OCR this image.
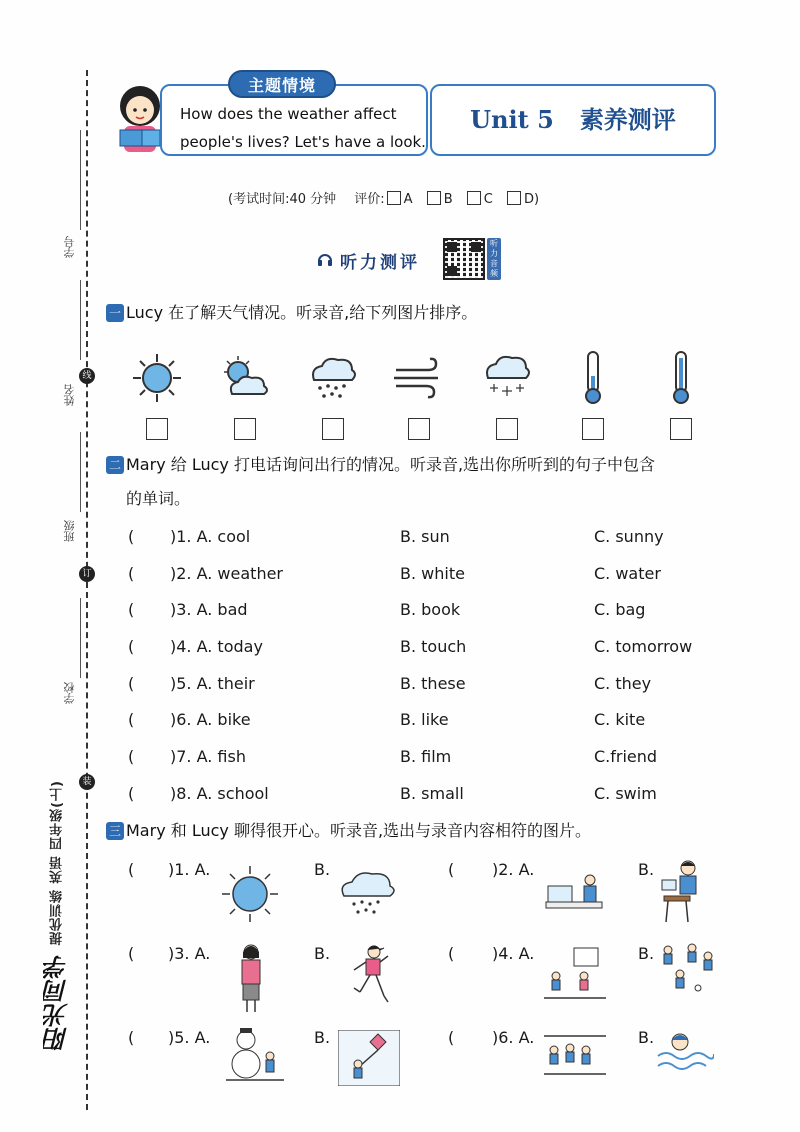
学号
姓名
线
班级
订
学校
装
提优训练 英语 四年级(上)
阳光同学
主题情境
How does the weather affect
people's lives? Let's have a look.
Unit 5 素养测评
(考试时间:40 分钟 评价: A B C D)
听力测评
听力音频
一 Lucy 在了解天气情况。听录音,给下列图片排序。
二 Mary 给 Lucy 打电话询问出行的情况。听录音,选出你所听到的句子中包含
的单词。
( )1. A. cool	B. sun	C. sunny
( )2. A. weather	B. white	C. water
( )3. A. bad	B. book	C. bag
( )4. A. today	B. touch	C. tomorrow
( )5. A. their	B. these	C. they
( )6. A. bike	B. like	C. kite
( )7. A. fish	B. film	C.friend
( )8. A. school	B. small	C. swim
三 Mary 和 Lucy 聊得很开心。听录音,选出与录音内容相符的图片。
( )1. A.	B.	( )2. A.	B.
( )3. A.	B.	( )4. A.	B.
( )5. A.	B.	( )6. A.	B.
